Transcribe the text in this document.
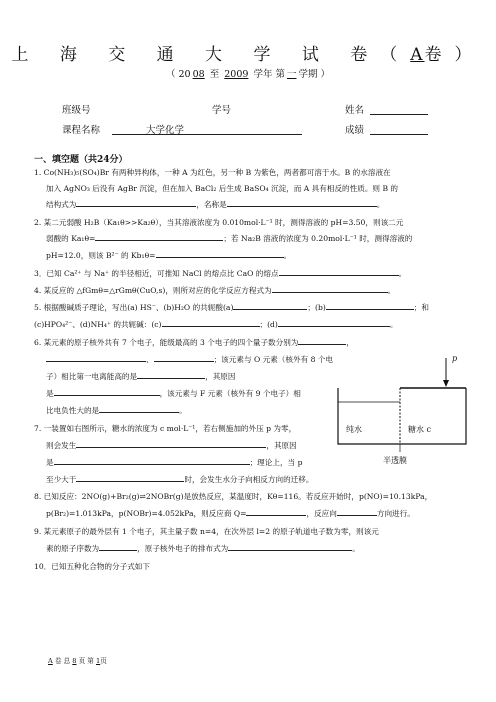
上 海 交 通 大 学 试 卷（A卷）
（ 20 08 至 2009 学年 第 一 学期 ）
班级号	学号	姓名
课程名称	大学化学	成绩
一、填空题（共24分）
1. Co(NH₃)₅(SO₄)Br 有两种异构体，一种 A 为红色，另一种 B 为紫色，两者都可溶于水。B 的水溶液在
加入 AgNO₃ 后没有 AgBr 沉淀，但在加入 BaCl₂ 后生成 BaSO₄ 沉淀，而 A 具有相反的性质。则 B 的
结构式为	，名称是	。
2. 某二元弱酸 H₂B（Ka₁θ>>Ka₂θ），当其溶液浓度为 0.010mol·L⁻¹ 时，测得溶液的 pH=3.50，则该二元
弱酸的 Ka₁θ=	；若 Na₂B 溶液的浓度为 0.20mol·L⁻¹ 时，测得溶液的
pH=12.0，则该 B²⁻ 的 Kb₁θ=	。
3．已知 Ca²⁺ 与 Na⁺ 的半径相近，可推知 NaCl 的熔点比 CaO 的熔点	。
4. 某反应的 △fGmθ=△rGmθ(CuO,s)，则所对应的化学反应方程式为	。
5. 根据酸碱质子理论，写出(a) HS⁻、(b)H₂O 的共轭酸(a)	；(b)	；和
(c)HPO₄²⁻、(d)NH₄⁺ 的共轭碱：(c)	；(d)	。
6. 某元素的原子核外共有 7 个电子，能级最高的 3 个电子的四个量子数分别为	，
、	；该元素与 O 元素（核外有 8 个电
子）相比第一电离能高的是	，其原因
是	，该元素与 F 元素（核外有 9 个电子）相
比电负性大的是	。
7. 一装置如右图所示，糖水的浓度为 c mol·L⁻¹，若右侧施加的外压 p 为零，
则会发生	，其原因
是	；理论上，当 p
至少大于	时，会发生水分子向相反方向的迁移。
p
纯水	糖水 c
半透膜
8. 已知反应：2NO(g)+Br₂(g)⇌2NOBr(g)是放热反应，某温度时，Kθ=116。若反应开始时，p(NO)=10.13kPa，
p(Br₂)=1.013kPa，p(NOBr)=4.052kPa，则反应商 Q=	，反应向	方向进行。
9. 某元素原子的最外层有 1 个电子，其主量子数 n=4，在次外层 l=2 的原子轨道电子数为零，则该元
素的原子序数为	，原子核外电子的排布式为	。
10．已知五种化合物的分子式如下
A 卷 总 8 页 第 1页
